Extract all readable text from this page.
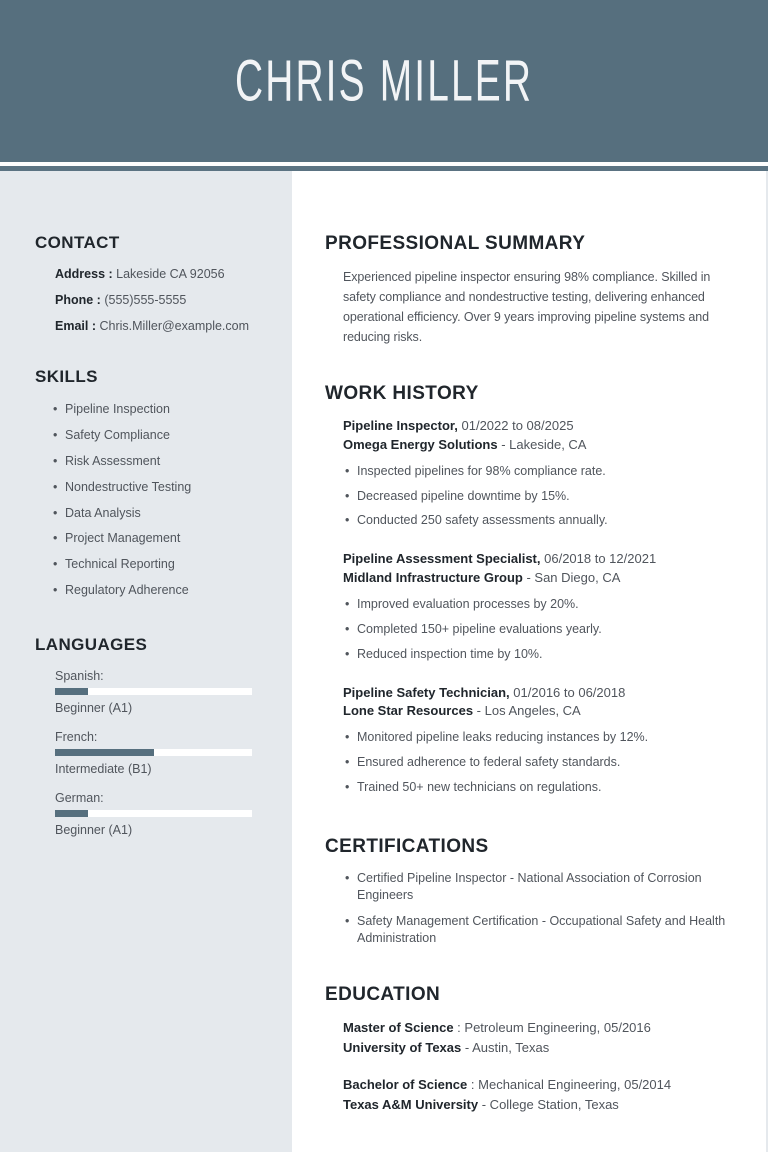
CHRIS MILLER
CONTACT
Address : Lakeside CA 92056
Phone : (555)555-5555
Email : Chris.Miller@example.com
SKILLS
• Pipeline Inspection
• Safety Compliance
• Risk Assessment
• Nondestructive Testing
• Data Analysis
• Project Management
• Technical Reporting
• Regulatory Adherence
LANGUAGES
Spanish:
Beginner (A1)
French:
Intermediate (B1)
German:
Beginner (A1)
PROFESSIONAL SUMMARY

Experienced pipeline inspector ensuring 98% compliance. Skilled in safety compliance and nondestructive testing, delivering enhanced operational efficiency. Over 9 years improving pipeline systems and reducing risks.

WORK HISTORY
Pipeline Inspector, 01/2022 to 08/2025
Omega Energy Solutions - Lakeside, CA
• Inspected pipelines for 98% compliance rate.
• Decreased pipeline downtime by 15%.
• Conducted 250 safety assessments annually.
Pipeline Assessment Specialist, 06/2018 to 12/2021
Midland Infrastructure Group - San Diego, CA
• Improved evaluation processes by 20%.
• Completed 150+ pipeline evaluations yearly.
• Reduced inspection time by 10%.
Pipeline Safety Technician, 01/2016 to 06/2018
Lone Star Resources - Los Angeles, CA
• Monitored pipeline leaks reducing instances by 12%.
• Ensured adherence to federal safety standards.
• Trained 50+ new technicians on regulations.
CERTIFICATIONS
• Certified Pipeline Inspector - National Association of Corrosion Engineers
• Safety Management Certification - Occupational Safety and Health Administration
EDUCATION
Master of Science : Petroleum Engineering, 05/2016
University of Texas - Austin, Texas
Bachelor of Science : Mechanical Engineering, 05/2014
Texas A&M University - College Station, Texas
